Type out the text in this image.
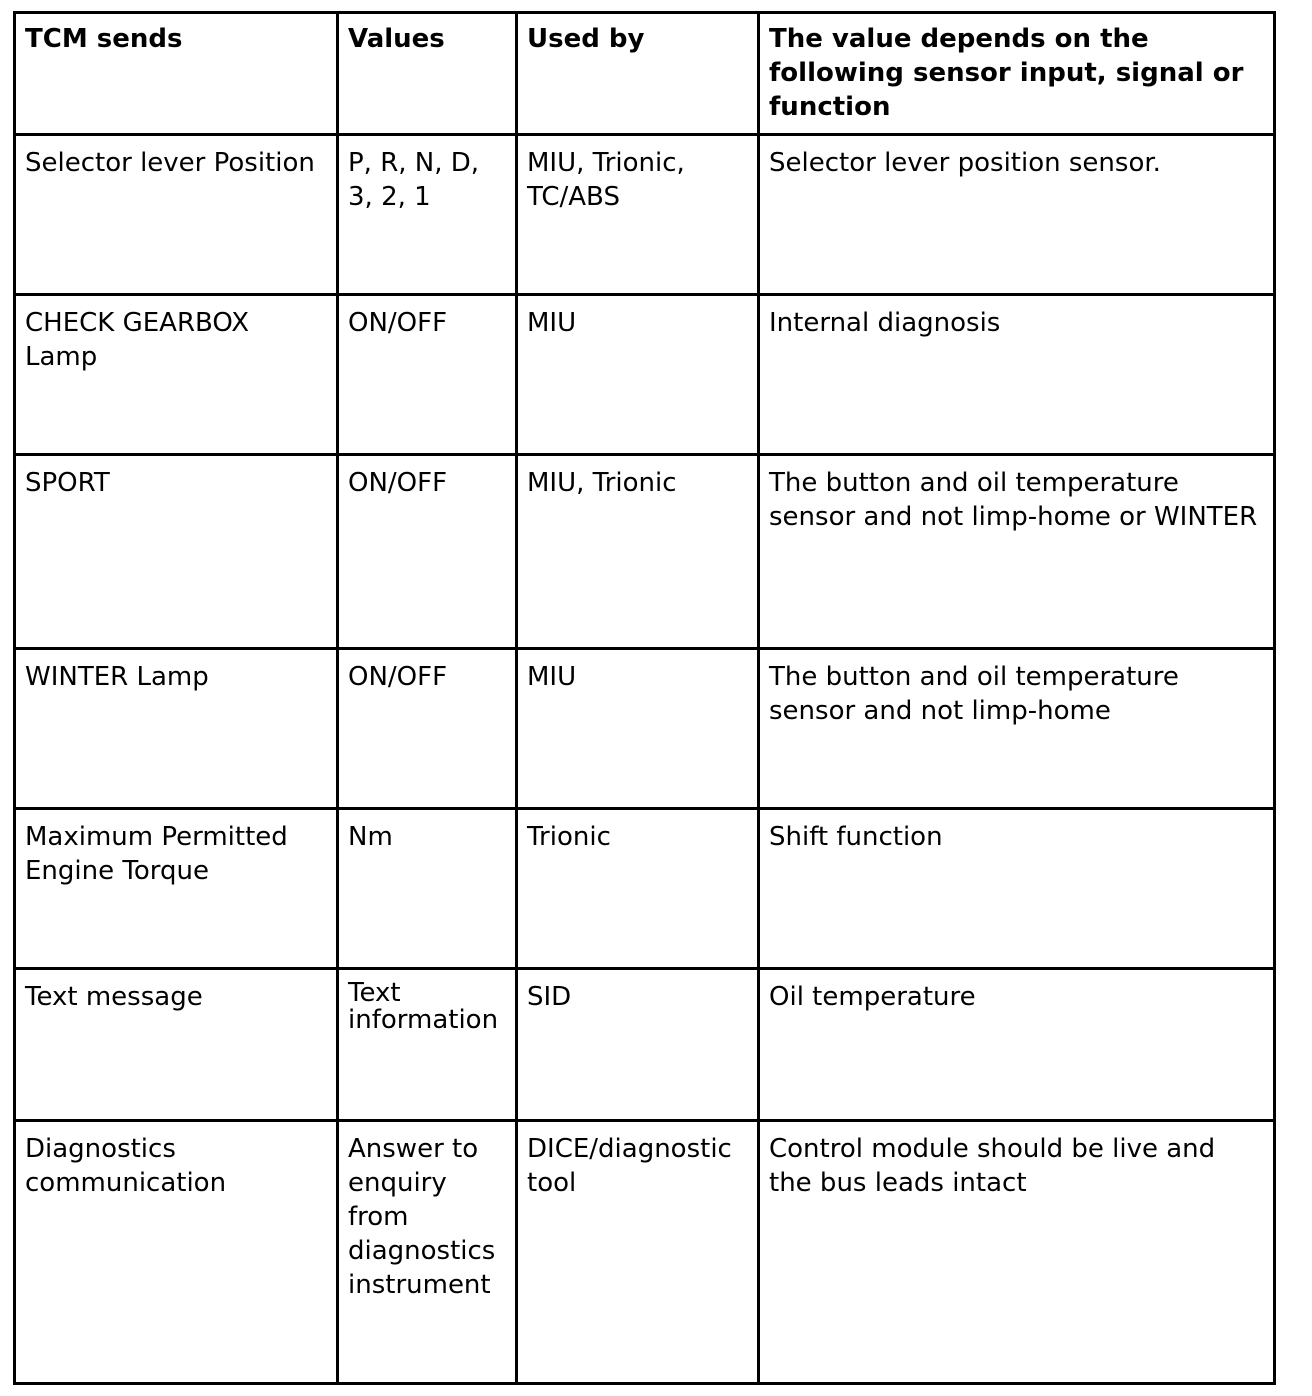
TCM sends	Values	Used by	The value depends on the following sensor input, signal or function
Selector lever Position	P, R, N, D, 3, 2, 1	MIU, Trionic, TC/ABS	Selector lever position sensor.
CHECK GEARBOX Lamp	ON/OFF	MIU	Internal diagnosis
SPORT	ON/OFF	MIU, Trionic	The button and oil temperature sensor and not limp-home or WINTER
WINTER Lamp	ON/OFF	MIU	The button and oil temperature sensor and not limp-home
Maximum Permitted Engine Torque	Nm	Trionic	Shift function
Text message	Text information	SID	Oil temperature
Diagnostics communication	Answer to enquiry from diagnostics instrument	DICE/diagnostic tool	Control module should be live and the bus leads intact
